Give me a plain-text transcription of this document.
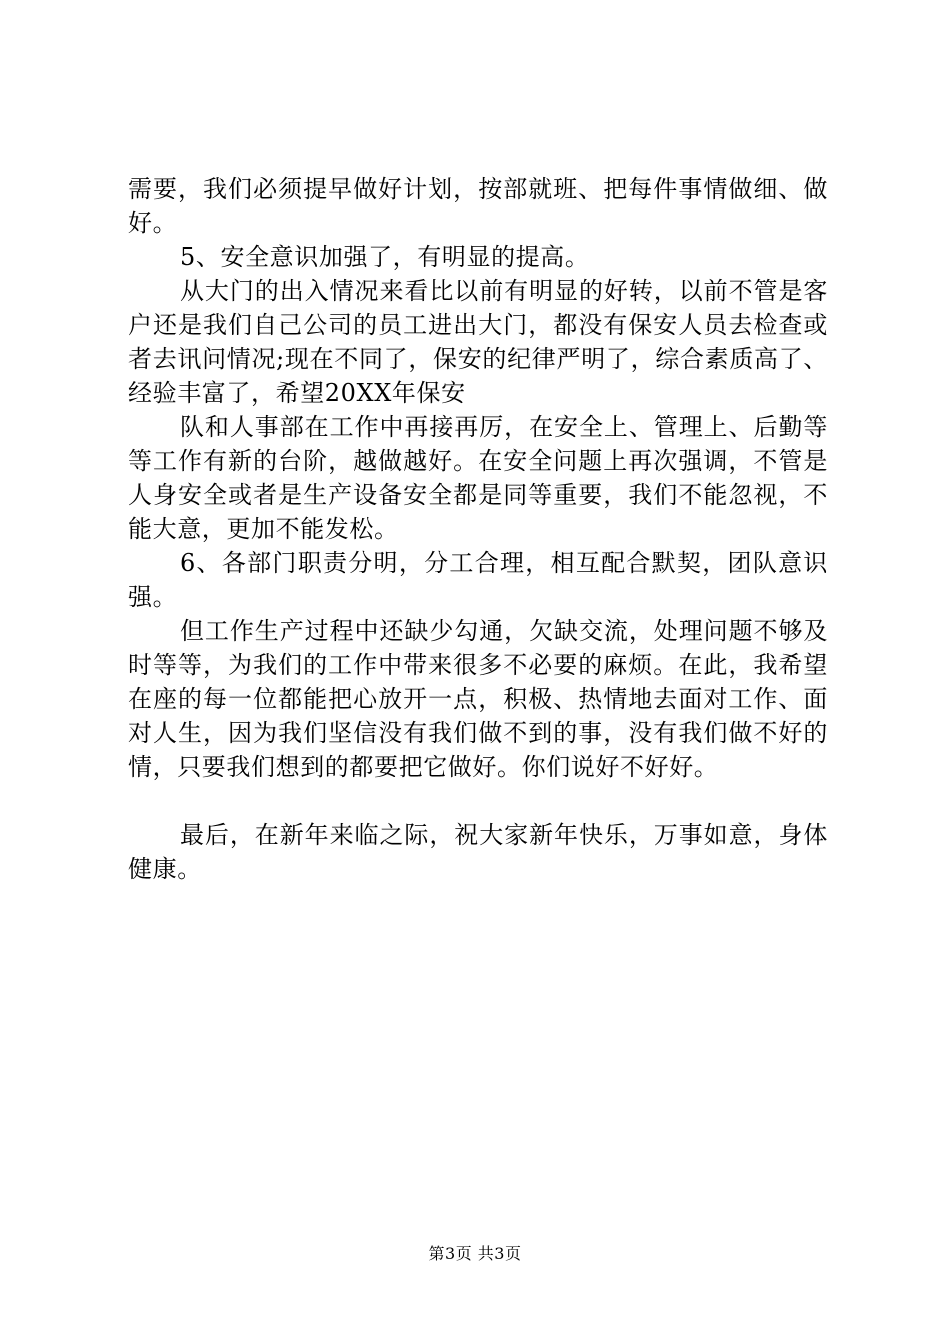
需要，我们必须提早做好计划，按部就班、把每件事情做细、做好。

5、安全意识加强了，有明显的提高。

从大门的出入情况来看比以前有明显的好转，以前不管是客户还是我们自己公司的员工进出大门，都没有保安人员去检查或者去讯问情况;现在不同了，保安的纪律严明了，综合素质高了、经验丰富了，希望20XX年保安

队和人事部在工作中再接再厉，在安全上、管理上、后勤等等工作有新的台阶，越做越好。在安全问题上再次强调，不管是人身安全或者是生产设备安全都是同等重要，我们不能忽视，不能大意，更加不能发松。

6、各部门职责分明，分工合理，相互配合默契，团队意识强。

但工作生产过程中还缺少勾通，欠缺交流，处理问题不够及时等等，为我们的工作中带来很多不必要的麻烦。在此，我希望在座的每一位都能把心放开一点，积极、热情地去面对工作、面对人生，因为我们坚信没有我们做不到的事，没有我们做不好的情，只要我们想到的都要把它做好。你们说好不好好。

最后，在新年来临之际，祝大家新年快乐，万事如意，身体健康。

第3页 共3页
